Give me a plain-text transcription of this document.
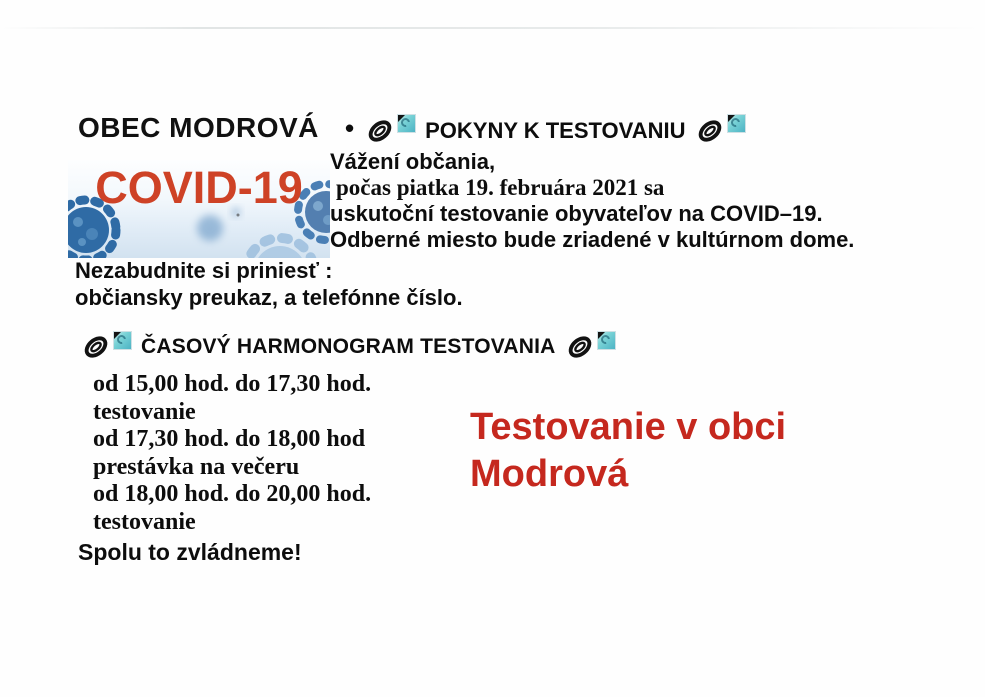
OBEC MODROVÁ
COVID-19
•	POKYNY K TESTOVANIU
Vážení občania,
počas piatka 19. februára 2021 sa
uskutoční testovanie obyvateľov na COVID–19.
Odberné miesto bude zriadené v kultúrnom dome.
Nezabudnite si priniesť :
občiansky preukaz, a telefónne číslo.
ČASOVÝ HARMONOGRAM TESTOVANIA
od 15,00 hod. do 17,30 hod.
testovanie
od 17,30 hod. do 18,00 hod
prestávka na večeru
od 18,00 hod. do 20,00 hod.
testovanie
Testovanie v obci
Modrová
Spolu to zvládneme!
